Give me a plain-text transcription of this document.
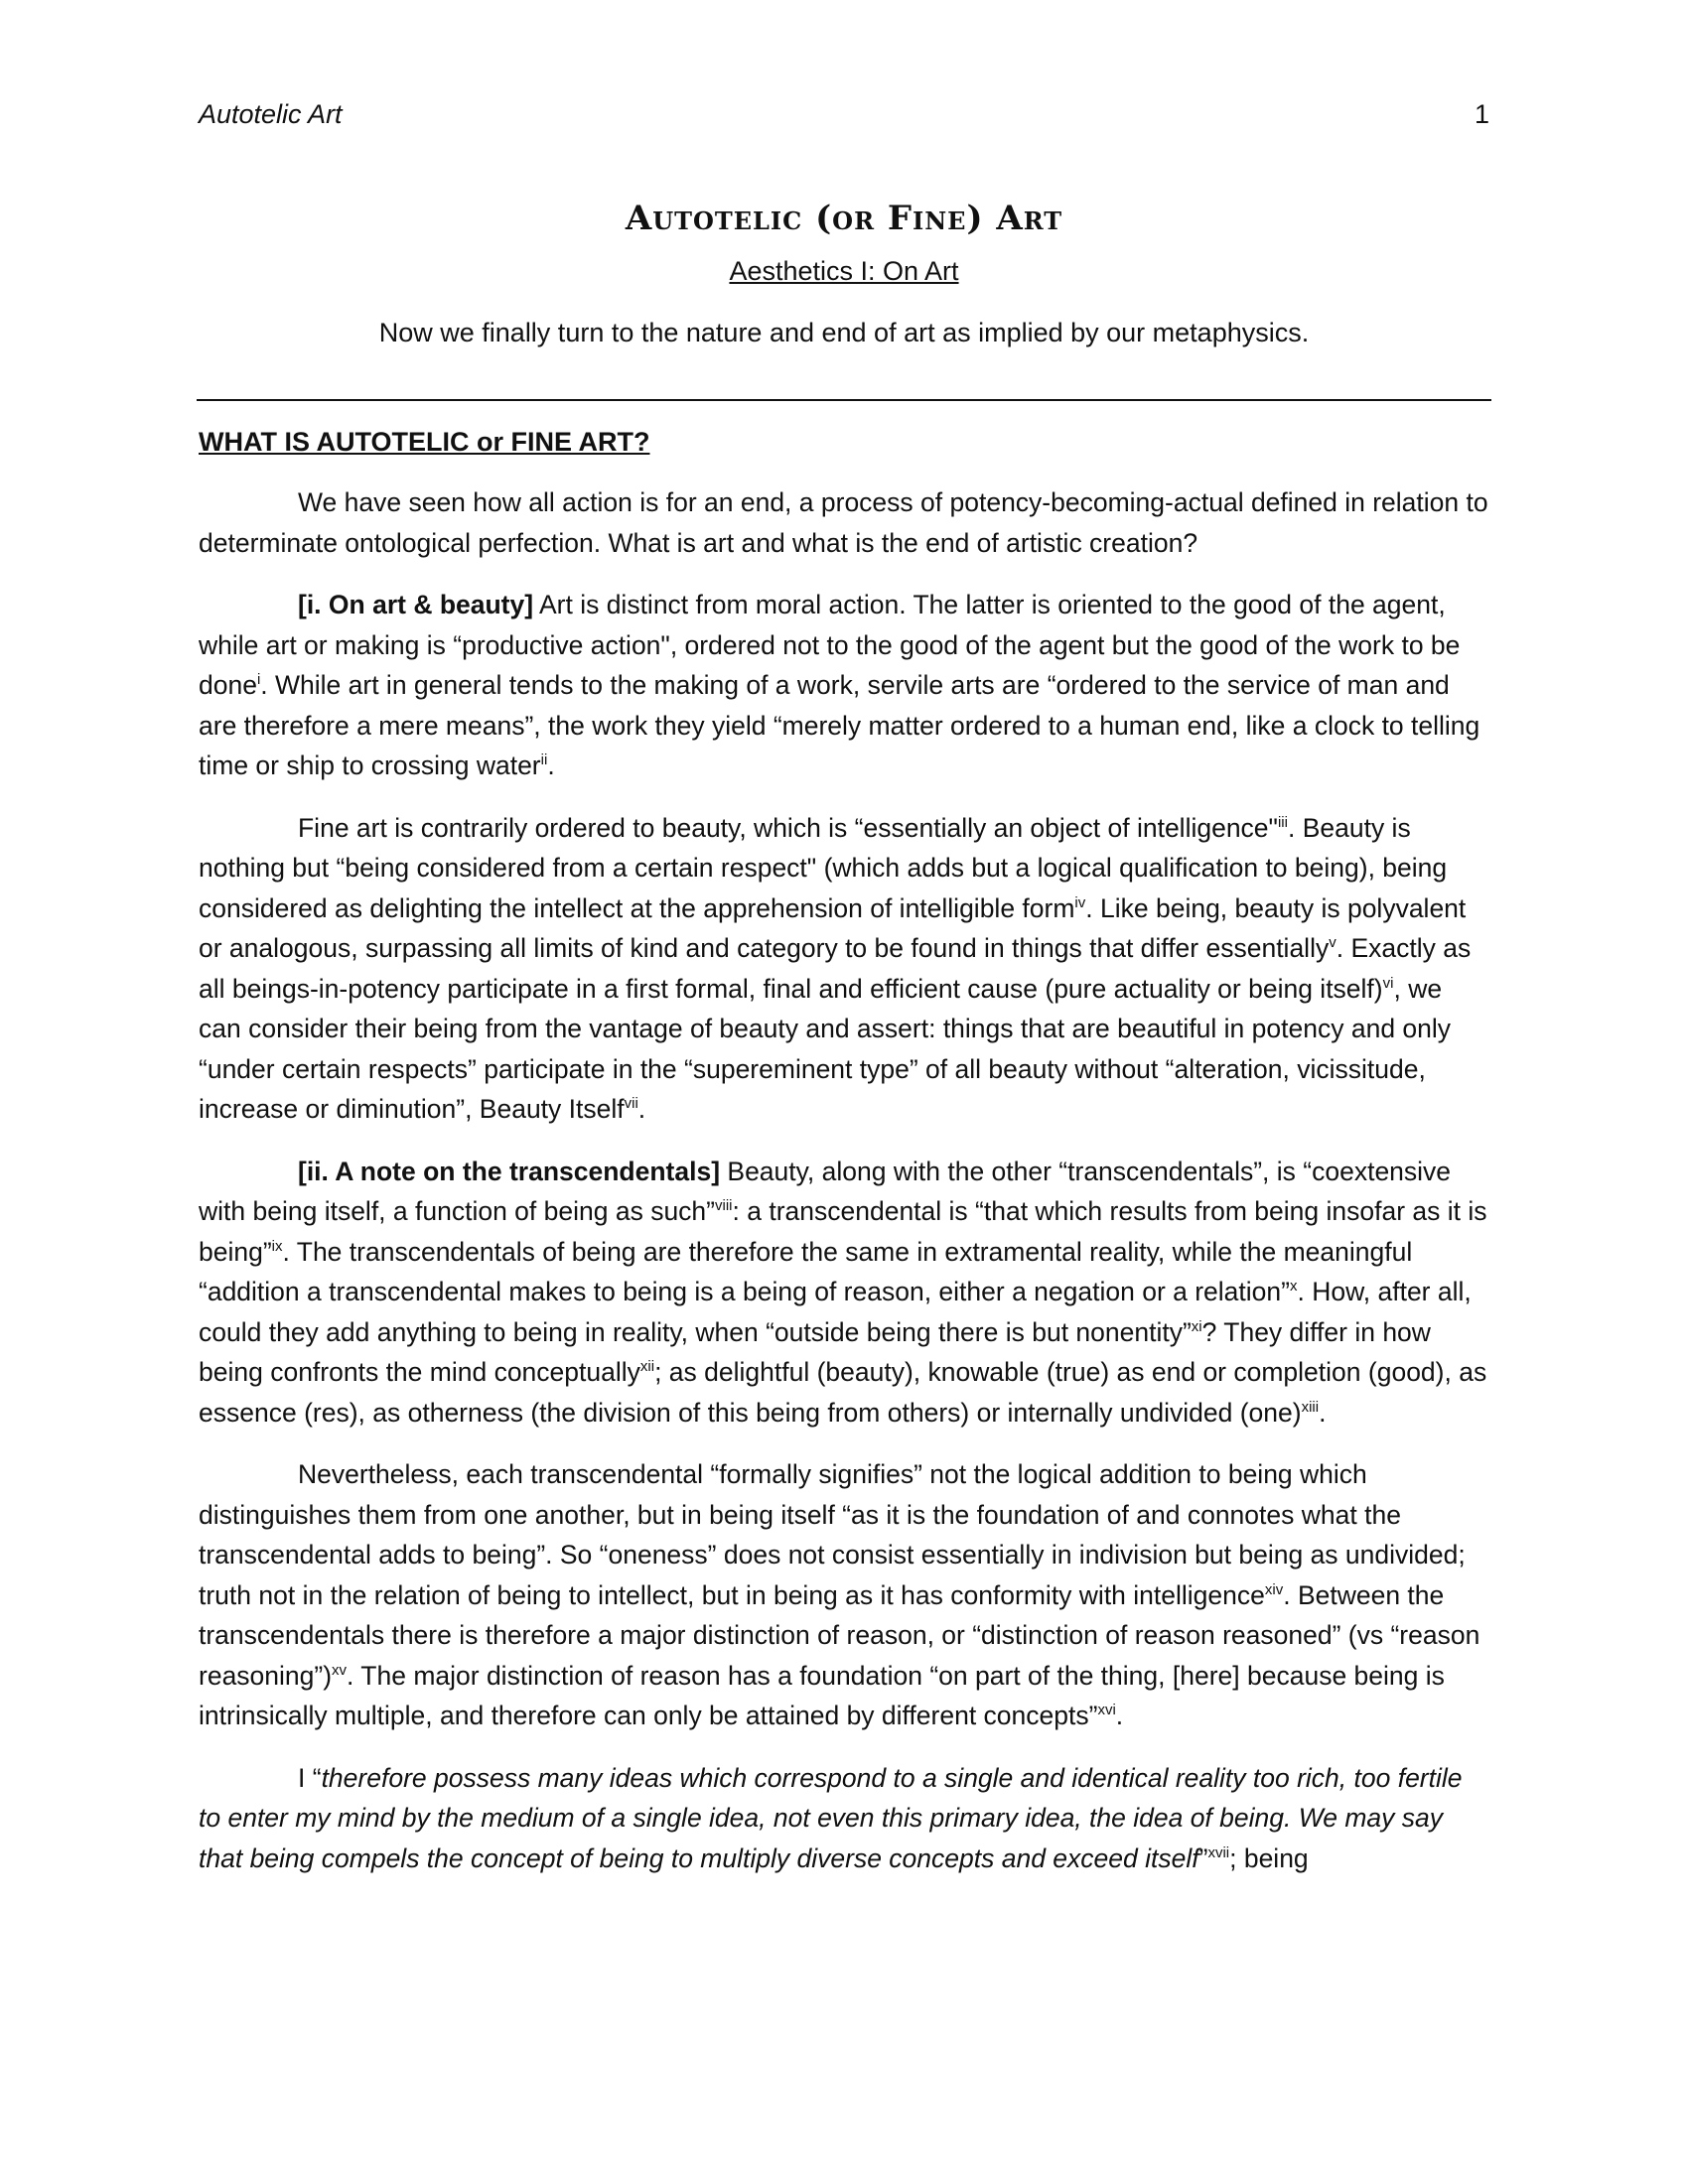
Autotelic Art	1
Autotelic (or Fine) Art
Aesthetics I: On Art
Now we finally turn to the nature and end of art as implied by our metaphysics.
WHAT IS AUTOTELIC or FINE ART?

We have seen how all action is for an end, a process of potency-becoming-actual defined in relation to determinate ontological perfection. What is art and what is the end of artistic creation?

[i. On art & beauty] Art is distinct from moral action. The latter is oriented to the good of the agent, while art or making is “productive action", ordered not to the good of the agent but the good of the work to be done$^i$. While art in general tends to the making of a work, servile arts are “ordered to the service of man and are therefore a mere means”, the work they yield “merely matter ordered to a human end, like a clock to telling time or ship to crossing water$^{ii}$.

Fine art is contrarily ordered to beauty, which is “essentially an object of intelligence"$^{iii}$. Beauty is nothing but “being considered from a certain respect" (which adds but a logical qualification to being), being considered as delighting the intellect at the apprehension of intelligible form$^{iv}$. Like being, beauty is polyvalent or analogous, surpassing all limits of kind and category to be found in things that differ essentially$^v$. Exactly as all beings-in-potency participate in a first formal, final and efficient cause (pure actuality or being itself)$^{vi}$, we can consider their being from the vantage of beauty and assert: things that are beautiful in potency and only “under certain respects” participate in the “supereminent type” of all beauty without “alteration, vicissitude, increase or diminution”, Beauty Itself$^{vii}$.

[ii. A note on the transcendentals] Beauty, along with the other “transcendentals”, is “coextensive with being itself, a function of being as such”$^{viii}$: a transcendental is “that which results from being insofar as it is being”$^{ix}$. The transcendentals of being are therefore the same in extramental reality, while the meaningful “addition a transcendental makes to being is a being of reason, either a negation or a relation”$^x$. How, after all, could they add anything to being in reality, when “outside being there is but nonentity”$^{xi}$? They differ in how being confronts the mind conceptually$^{xii}$; as delightful (beauty), knowable (true) as end or completion (good), as essence (res), as otherness (the division of this being from others) or internally undivided (one)$^{xiii}$.

Nevertheless, each transcendental “formally signifies” not the logical addition to being which distinguishes them from one another, but in being itself “as it is the foundation of and connotes what the transcendental adds to being”. So “oneness” does not consist essentially in indivision but being as undivided; truth not in the relation of being to intellect, but in being as it has conformity with intelligence$^{xiv}$. Between the transcendentals there is therefore a major distinction of reason, or “distinction of reason reasoned” (vs “reason reasoning”)$^{xv}$. The major distinction of reason has a foundation “on part of the thing, [here] because being is intrinsically multiple, and therefore can only be attained by different concepts”$^{xvi}$.

I “therefore possess many ideas which correspond to a single and identical reality too rich, too fertile to enter my mind by the medium of a single idea, not even this primary idea, the idea of being. We may say that being compels the concept of being to multiply diverse concepts and exceed itself”$^{xvii}$; being
